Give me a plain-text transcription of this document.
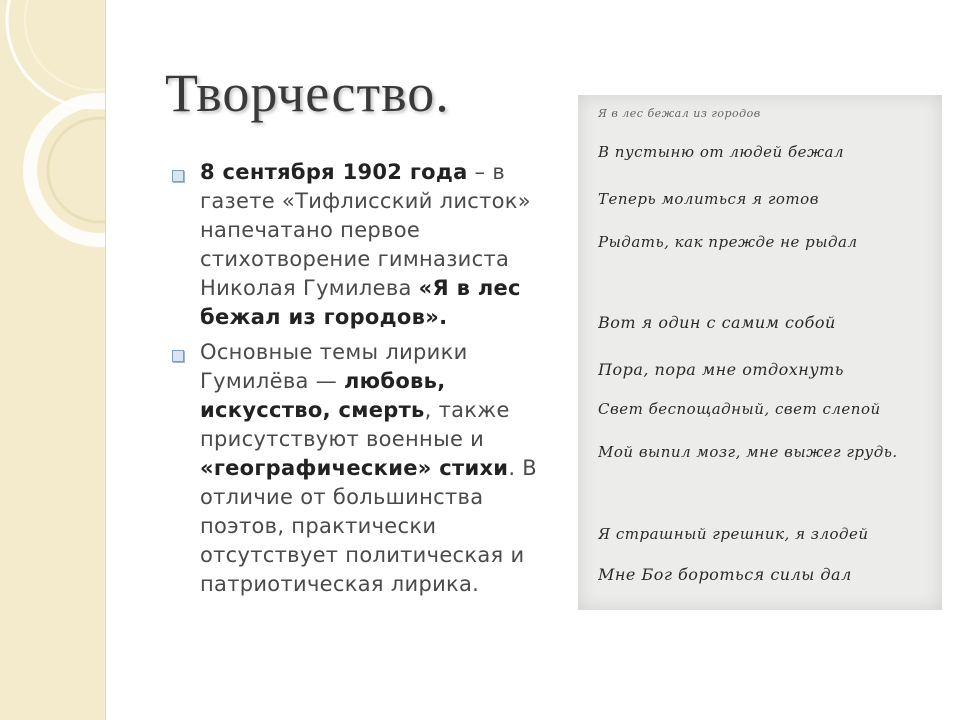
Творчество.
8 сентября 1902 года – в газете «Тифлисский листок» напечатано первое стихотворение гимназиста Николая Гумилева «Я в лес бежал из городов».
Основные темы лирики Гумилёва — любовь, искусство, смерть, также присутствуют военные и «географические» стихи. В отличие от большинства поэтов, практически отсутствует политическая и патриотическая лирика.
Я в лес бежал из городов
В пустыню от людей бежал
Теперь молиться я готов
Рыдать, как прежде не рыдал
Вот я один с самим собой
Пора, пора мне отдохнуть
Свет беспощадный, свет слепой
Мой выпил мозг, мне выжег грудь.
Я страшный грешник, я злодей
Мне Бог бороться силы дал
